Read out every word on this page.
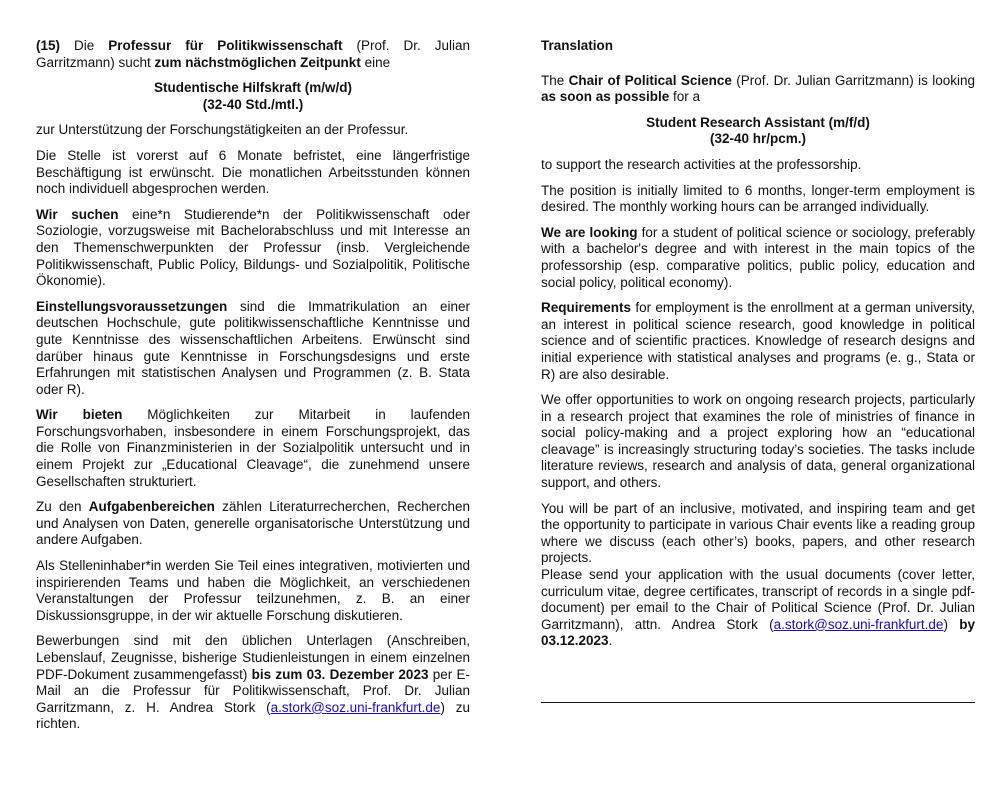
(15) Die Professur für Politikwissenschaft (Prof. Dr. Julian Garritzmann) sucht zum nächstmöglichen Zeitpunkt eine

Studentische Hilfskraft (m/w/d)
(32-40 Std./mtl.)

zur Unterstützung der Forschungstätigkeiten an der Professur.

Die Stelle ist vorerst auf 6 Monate befristet, eine längerfristige Beschäftigung ist erwünscht. Die monatlichen Arbeitsstunden können noch individuell abgesprochen werden.

Wir suchen eine*n Studierende*n der Politikwissenschaft oder Soziologie, vorzugsweise mit Bachelorabschluss und mit Interesse an den Themenschwerpunkten der Professur (insb. Vergleichende Politikwissenschaft, Public Policy, Bildungs- und Sozialpolitik, Politische Ökonomie).

Einstellungsvoraussetzungen sind die Immatrikulation an einer deutschen Hochschule, gute politikwissenschaftliche Kenntnisse und gute Kenntnisse des wissenschaftlichen Arbeitens. Erwünscht sind darüber hinaus gute Kenntnisse in Forschungsdesigns und erste Erfahrungen mit statistischen Analysen und Programmen (z. B. Stata oder R).

Wir bieten Möglichkeiten zur Mitarbeit in laufenden Forschungsvorhaben, insbesondere in einem Forschungsprojekt, das die Rolle von Finanzministerien in der Sozialpolitik untersucht und in einem Projekt zur „Educational Cleavage“, die zunehmend unsere Gesellschaften strukturiert.

Zu den Aufgabenbereichen zählen Literaturrecherchen, Recherchen und Analysen von Daten, generelle organisatorische Unterstützung und andere Aufgaben.

Als Stelleninhaber*in werden Sie Teil eines integrativen, motivierten und inspirierenden Teams und haben die Möglichkeit, an verschiedenen Veranstaltungen der Professur teilzunehmen, z. B. an einer Diskussionsgruppe, in der wir aktuelle Forschung diskutieren.

Bewerbungen sind mit den üblichen Unterlagen (Anschreiben, Lebenslauf, Zeugnisse, bisherige Studienleistungen in einem einzelnen PDF-Dokument zusammengefasst) bis zum 03. Dezember 2023 per E-Mail an die Professur für Politikwissenschaft, Prof. Dr. Julian Garritzmann, z. H. Andrea Stork (a.stork@soz.uni-frankfurt.de) zu richten.

Translation

The Chair of Political Science (Prof. Dr. Julian Garritzmann) is looking as soon as possible for a

Student Research Assistant (m/f/d)
(32-40 hr/pcm.)

to support the research activities at the professorship.

The position is initially limited to 6 months, longer-term employment is desired. The monthly working hours can be arranged individually.

We are looking for a student of political science or sociology, preferably with a bachelor's degree and with interest in the main topics of the professorship (esp. comparative politics, public policy, education and social policy, political economy).

Requirements for employment is the enrollment at a german university, an interest in political science research, good knowledge in political science and of scientific practices. Knowledge of research designs and initial experience with statistical analyses and programs (e. g., Stata or R) are also desirable.

We offer opportunities to work on ongoing research projects, particularly in a research project that examines the role of ministries of finance in social policy-making and a project exploring how an “educational cleavage” is increasingly structuring today’s societies. The tasks include literature reviews, research and analysis of data, general organizational support, and others.

You will be part of an inclusive, motivated, and inspiring team and get the opportunity to participate in various Chair events like a reading group where we discuss (each other’s) books, papers, and other research projects.

Please send your application with the usual documents (cover letter, curriculum vitae, degree certificates, transcript of records in a single pdf-document) per email to the Chair of Political Science (Prof. Dr. Julian Garritzmann), attn. Andrea Stork (a.stork@soz.uni-frankfurt.de) by 03.12.2023.
